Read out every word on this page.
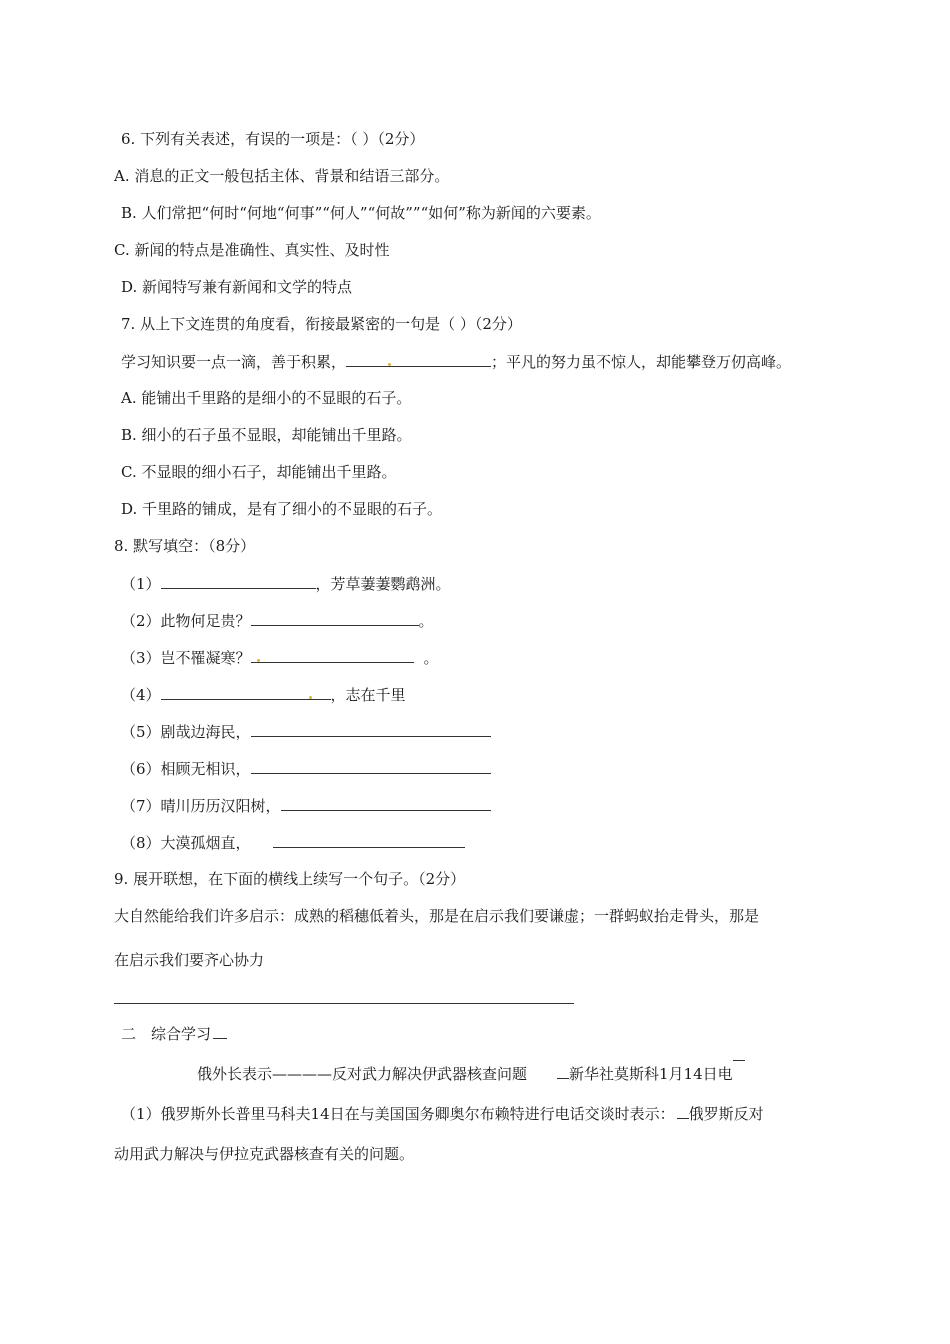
6. 下列有关表述，有误的一项是：（ ）（2分）
A. 消息的正文一般包括主体、背景和结语三部分。
B. 人们常把“何时“何地“何事”“何人”“何故””“如何”称为新闻的六要素。
C. 新闻的特点是准确性、真实性、及时性
D. 新闻特写兼有新闻和文学的特点
7. 从上下文连贯的角度看，衔接最紧密的一句是（ ）（2分）
学习知识要一点一滴，善于积累，	；平凡的努力虽不惊人，却能攀登万仞高峰。
A. 能铺出千里路的是细小的不显眼的石子。
B. 细小的石子虽不显眼，却能铺出千里路。
C. 不显眼的细小石子，却能铺出千里路。
D. 千里路的铺成，是有了细小的不显眼的石子。
8. 默写填空：（8分）
（1）	，芳草萋萋鹦鹉洲。
（2）此物何足贵？	。
（3）岂不罹凝寒？	。
（4）	，志在千里
（5）剧哉边海民，
（6）相顾无相识，
（7）晴川历历汉阳树，
（8）大漠孤烟直，
9. 展开联想，在下面的横线上续写一个句子。（2分）
大自然能给我们许多启示：成熟的稻穗低着头，那是在启示我们要谦虚；一群蚂蚁抬走骨头，那是
在启示我们要齐心协力
二　综合学习
俄外长表示————反对武力解决伊武器核查问题	新华社莫斯科1月14日电
（1）俄罗斯外长普里马科夫14日在与美国国务卿奥尔布赖特进行电话交谈时表示： 俄罗斯反对
动用武力解决与伊拉克武器核查有关的问题。
